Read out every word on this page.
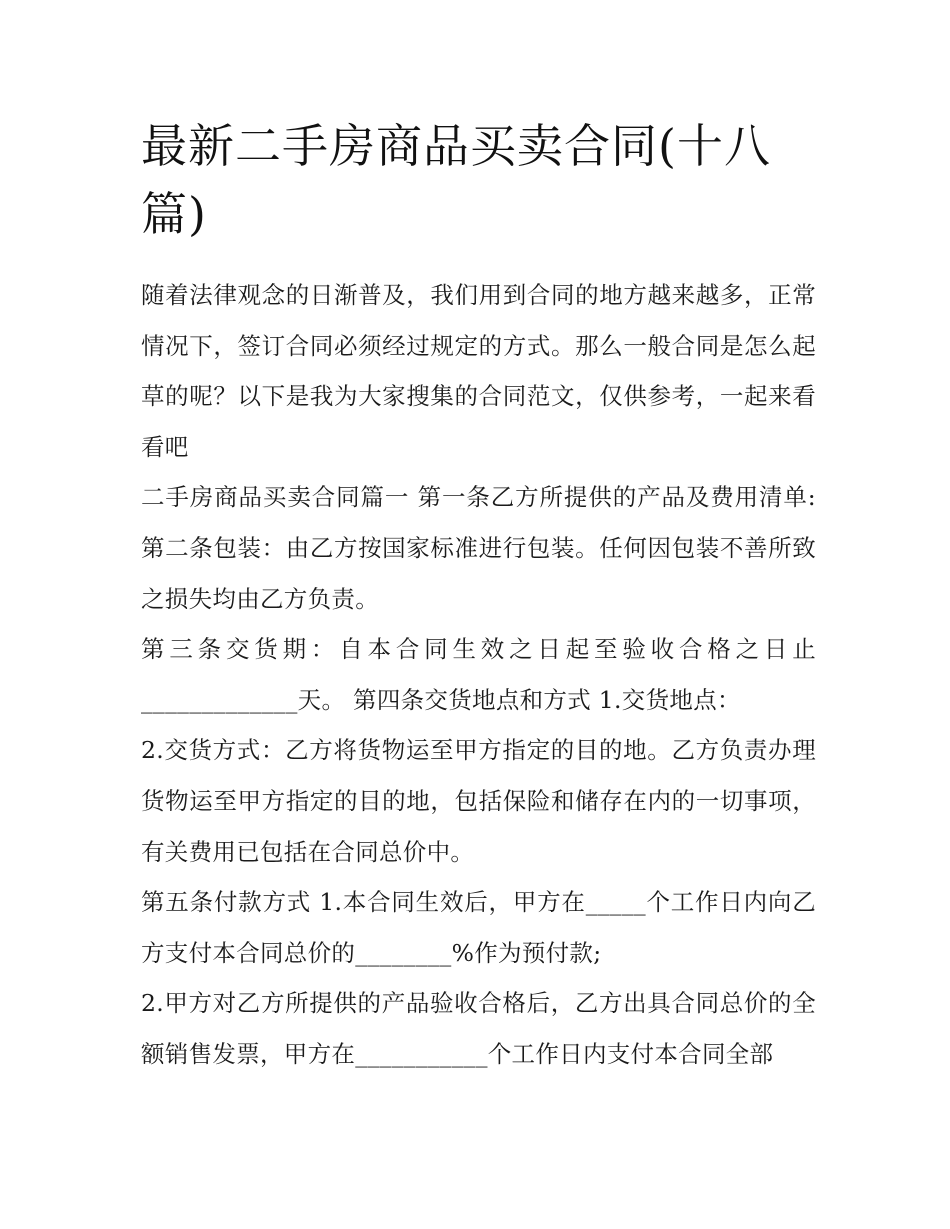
最新二手房商品买卖合同(十八篇)

随着法律观念的日渐普及，我们用到合同的地方越来越多，正常情况下，签订合同必须经过规定的方式。那么一般合同是怎么起草的呢？以下是我为大家搜集的合同范文，仅供参考，一起来看看吧

二手房商品买卖合同篇一 第一条乙方所提供的产品及费用清单: 第二条包装：由乙方按国家标准进行包装。任何因包装不善所致之损失均由乙方负责。

第三条交货期：自本合同生效之日起至验收合格之日止_____________天。 第四条交货地点和方式 1.交货地点：

2.交货方式：乙方将货物运至甲方指定的目的地。乙方负责办理货物运至甲方指定的目的地，包括保险和储存在内的一切事项，有关费用已包括在合同总价中。

第五条付款方式 1.本合同生效后，甲方在_____个工作日内向乙方支付本合同总价的________%作为预付款;

2.甲方对乙方所提供的产品验收合格后，乙方出具合同总价的全额销售发票，甲方在___________个工作日内支付本合同全部
